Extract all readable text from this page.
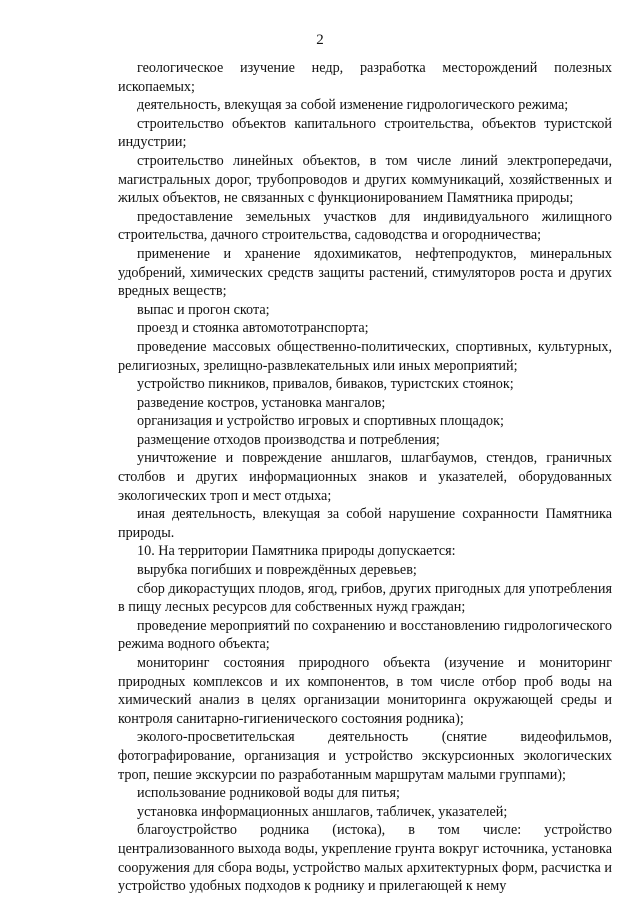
2

геологическое изучение недр, разработка месторождений полезных ископаемых;

деятельность, влекущая за собой изменение гидрологического режима;

строительство объектов капитального строительства, объектов туристской индустрии;

строительство линейных объектов, в том числе линий электропередачи, магистральных дорог, трубопроводов и других коммуникаций, хозяйственных и жилых объектов, не связанных с функционированием Памятника природы;

предоставление земельных участков для индивидуального жилищного строительства, дачного строительства, садоводства и огородничества;

применение и хранение ядохимикатов, нефтепродуктов, минеральных удобрений, химических средств защиты растений, стимуляторов роста и других вредных веществ;

выпас и прогон скота;

проезд и стоянка автомототранспорта;

проведение массовых общественно-политических, спортивных, культурных, религиозных, зрелищно-развлекательных или иных мероприятий;

устройство пикников, привалов, бивaков, туристских стоянок;

разведение костров, установка мангалов;

организация и устройство игровых и спортивных площадок;

размещение отходов производства и потребления;

уничтожение и повреждение аншлагов, шлагбаумов, стендов, граничных столбов и других информационных знаков и указателей, оборудованных экологических троп и мест отдыха;

иная деятельность, влекущая за собой нарушение сохранности Памятника природы.

10. На территории Памятника природы допускается:

вырубка погибших и повреждённых деревьев;

сбор дикорастущих плодов, ягод, грибов, других пригодных для употребления в пищу лесных ресурсов для собственных нужд граждан;

проведение мероприятий по сохранению и восстановлению гидрологического режима водного объекта;

мониторинг состояния природного объекта (изучение и мониторинг природных комплексов и их компонентов, в том числе отбор проб воды на химический анализ в целях организации мониторинга окружающей среды и контроля санитарно-гигиенического состояния родника);

эколого-просветительская деятельность (снятие видеофильмов, фотографирование, организация и устройство экскурсионных экологических троп, пешие экскурсии по разработанным маршрутам малыми группами);

использование родниковой воды для питья;

установка информационных аншлагов, табличек, указателей;

благоустройство родника (истока), в том числе: устройство централизованного выхода воды, укрепление грунта вокруг источника, установка сооружения для сбора воды, устройство малых архитектурных форм, расчистка и устройство удобных подходов к роднику и прилегающей к нему
